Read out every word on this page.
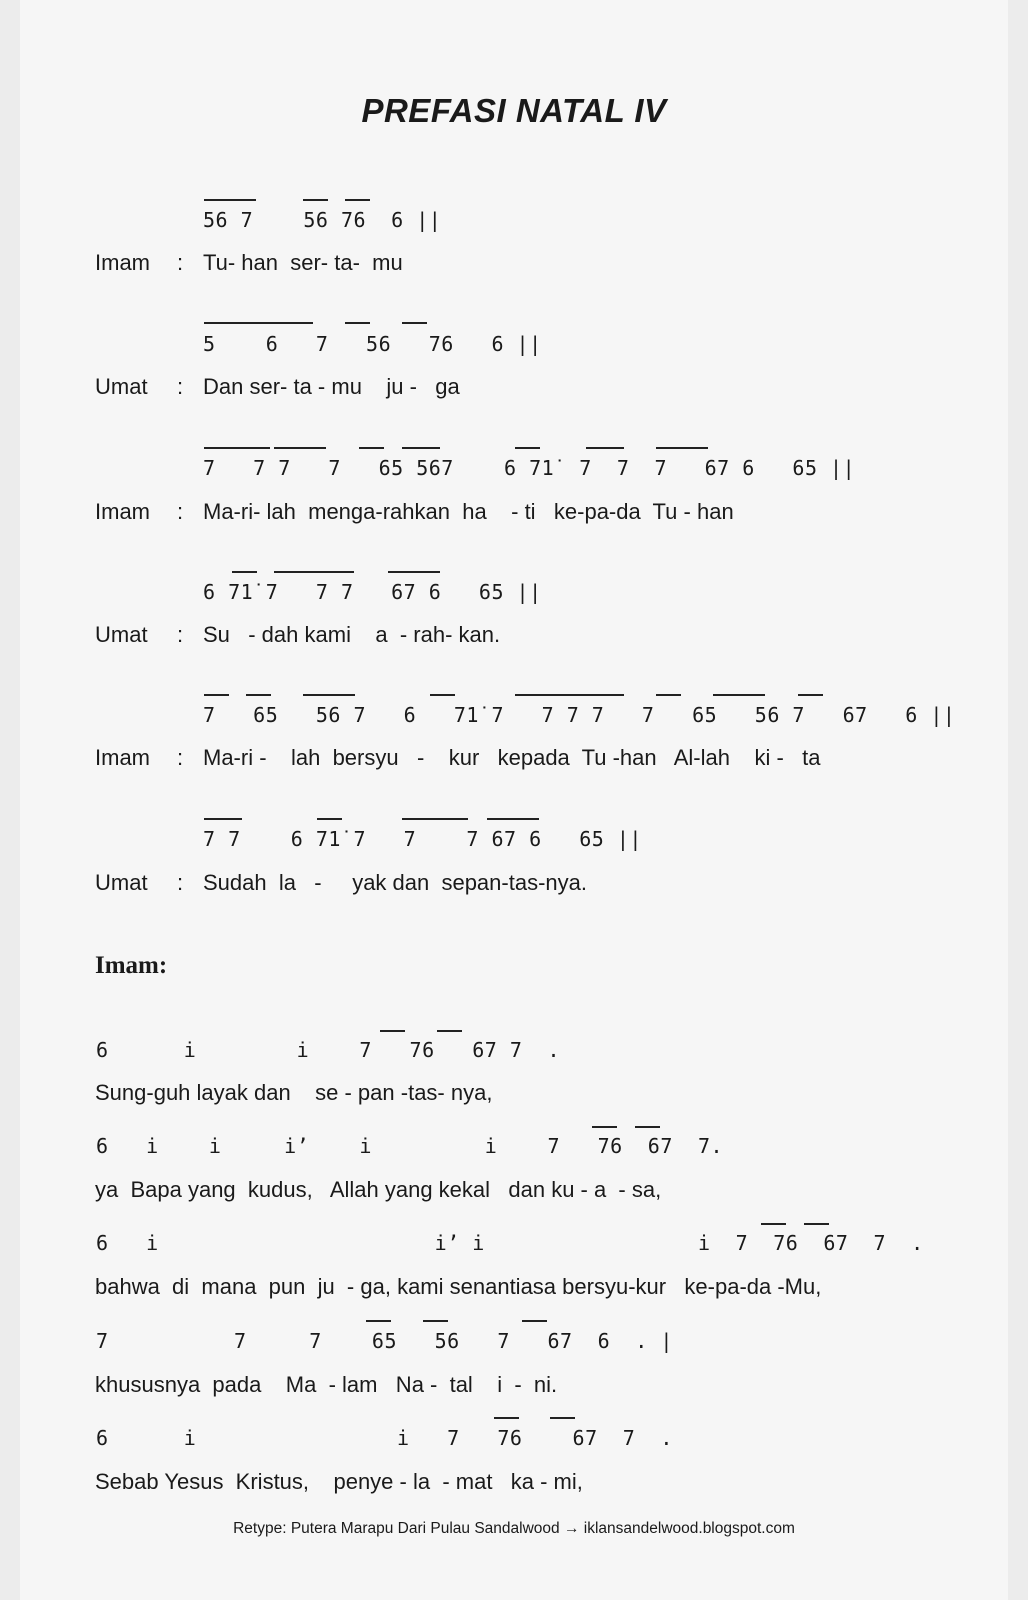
PREFASI NATAL IV
56 7    56 76  6 ||
Imam : Tu- han  ser- ta-  mu
5    6   7   56   76   6 ||
Umat : Dan ser- ta - mu    ju -   ga
7   7 7   7   65 567    6 71̇  7  7  7   67 6   65 ||
Imam : Ma-ri- lah  menga-rahkan  ha    - ti   ke-pa-da  Tu - han
6 71̇ 7   7 7   67 6   65 ||
Umat : Su   - dah kami    a  - rah- kan.
7   65   56 7   6   71̇ 7   7 7 7   7   65   56 7   67   6 ||
Imam : Ma-ri -    lah  bersyu   -    kur   kepada  Tu -han   Al-lah    ki -   ta
7 7    6 71̇ 7   7    7 67 6   65 ||
Umat : Sudah  la   -     yak dan  sepan-tas-nya.
Imam:
6      i̇        i̇    7   76   67 7  .
Sung-guh layak dan    se - pan -tas- nya,
6   i̇    i̇     i̇’    i̇         i̇    7   76  67  7.
ya  Bapa yang  kudus,   Allah yang kekal   dan ku - a  - sa,
6   i̇                      i̇’ i̇                 i̇  7  76  67  7  .
bahwa  di  mana  pun  ju  - ga, kami senantiasa bersyu-kur   ke-pa-da -Mu,
7          7     7    65   56   7   67  6  . |
khususnya  pada    Ma  - lam   Na -  tal    i  -  ni.
6      i̇                i̇   7   76    67  7  .
Sebab Yesus  Kristus,    penye - la  - mat   ka - mi,
Retype: Putera Marapu Dari Pulau Sandalwood → iklansandelwood.blogspot.com
